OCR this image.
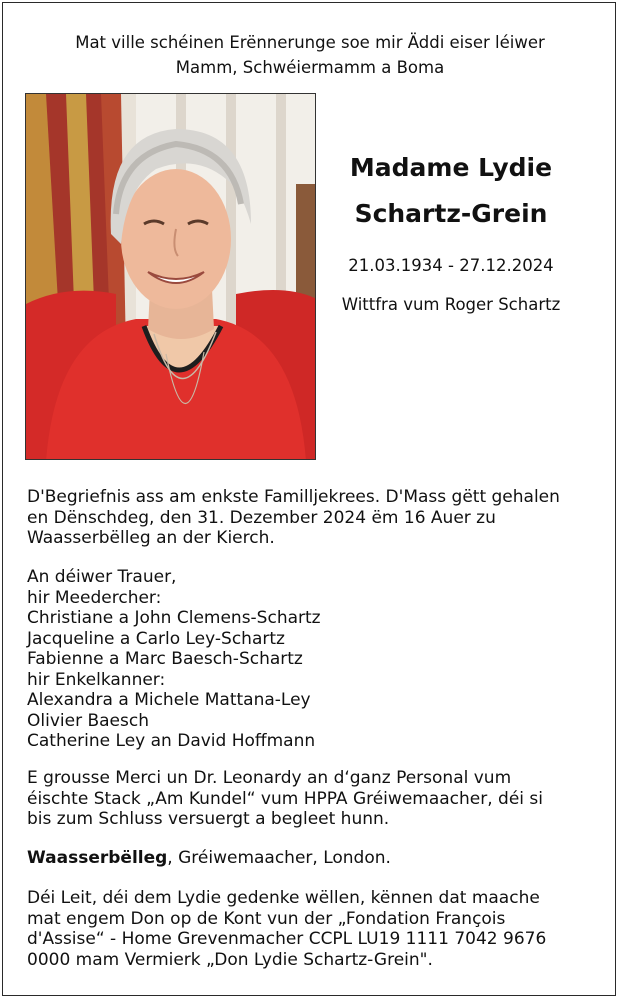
Mat ville schéinen Erënnerunge soe mir Äddi eiser léiwer
Mamm, Schwéiermamm a Boma
Madame Lydie
Schartz-Grein
21.03.1934 - 27.12.2024
Wittfra vum Roger Schartz
D'Begriefnis ass am enkste Familljekrees. D'Mass gëtt gehalen
en Dënschdeg, den 31. Dezember 2024 ëm 16 Auer zu
Waasserbëlleg an der Kierch.
An déiwer Trauer,
hir Meedercher:
Christiane a John Clemens-Schartz
Jacqueline a Carlo Ley-Schartz
Fabienne a Marc Baesch-Schartz
hir Enkelkanner:
Alexandra a Michele Mattana-Ley
Olivier Baesch
Catherine Ley an David Hoffmann
E grousse Merci un Dr. Leonardy an d‘ganz Personal vum
éischte Stack „Am Kundel“ vum HPPA Gréiwemaacher, déi si
bis zum Schluss versuergt a begleet hunn.
Waasserbëlleg, Gréiwemaacher, London.
Déi Leit, déi dem Lydie gedenke wëllen, kënnen dat maache
mat engem Don op de Kont vun der „Fondation François
d'Assise“ - Home Grevenmacher CCPL LU19 1111 7042 9676
0000 mam Vermierk „Don Lydie Schartz-Grein".
